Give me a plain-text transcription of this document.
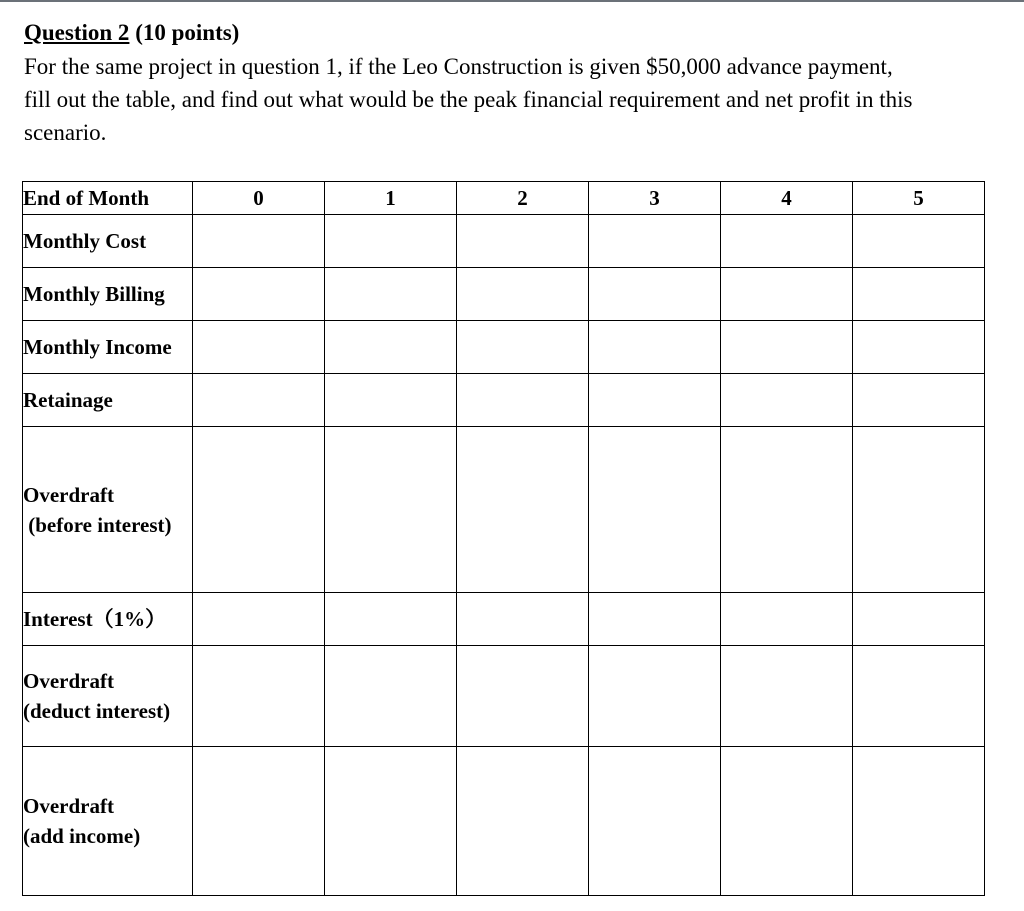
Question 2 (10 points)
For the same project in question 1, if the Leo Construction is given $50,000 advance payment,
fill out the table, and find out what would be the peak financial requirement and net profit in this
scenario.
End of Month	0	1	2	3	4	5

Monthly Cost						

Monthly Billing						

Monthly Income						

Retainage						

Overdraft
(before interest)						

Interest（1%）						

Overdraft
(deduct interest)						

Overdraft
(add income)						
